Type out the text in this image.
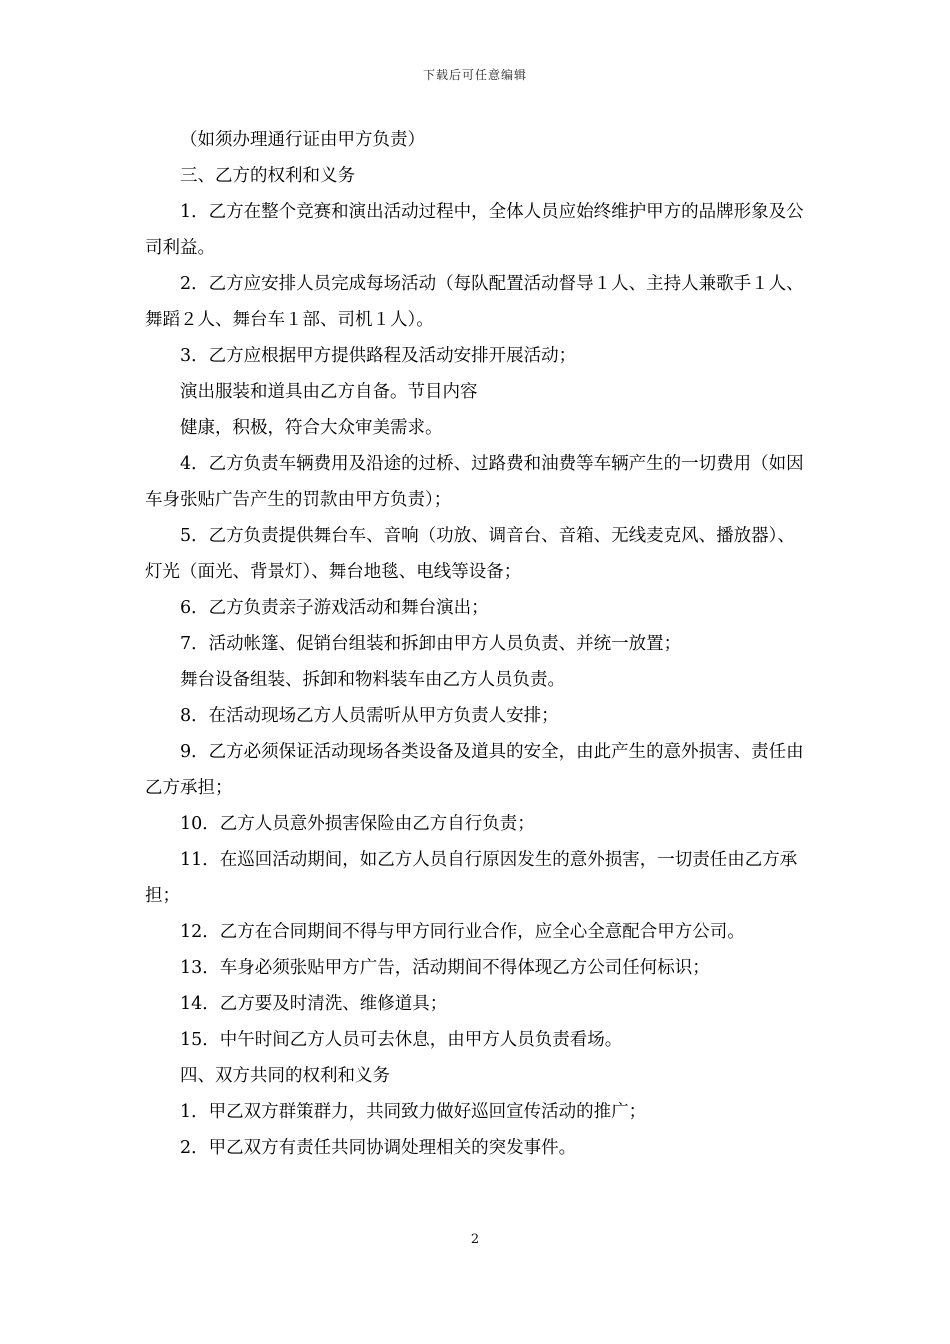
下载后可任意编辑

（如须办理通行证由甲方负责）

三、乙方的权利和义务

1．乙方在整个竞赛和演出活动过程中，全体人员应始终维护甲方的品牌形象及公司利益。

2．乙方应安排人员完成每场活动（每队配置活动督导１人、主持人兼歌手１人、舞蹈２人、舞台车１部、司机１人）。

3．乙方应根据甲方提供路程及活动安排开展活动；

演出服装和道具由乙方自备。节目内容

健康，积极，符合大众审美需求。

4．乙方负责车辆费用及沿途的过桥、过路费和油费等车辆产生的一切费用（如因车身张贴广告产生的罚款由甲方负责）；

5．乙方负责提供舞台车、音响（功放、调音台、音箱、无线麦克风、播放器）、灯光（面光、背景灯）、舞台地毯、电线等设备；

6．乙方负责亲子游戏活动和舞台演出；

7．活动帐篷、促销台组装和拆卸由甲方人员负责、并统一放置；

舞台设备组装、拆卸和物料装车由乙方人员负责。

8．在活动现场乙方人员需听从甲方负责人安排；

9．乙方必须保证活动现场各类设备及道具的安全，由此产生的意外损害、责任由乙方承担；

10．乙方人员意外损害保险由乙方自行负责；

11．在巡回活动期间，如乙方人员自行原因发生的意外损害，一切责任由乙方承担；

12．乙方在合同期间不得与甲方同行业合作，应全心全意配合甲方公司。

13．车身必须张贴甲方广告，活动期间不得体现乙方公司任何标识；

14．乙方要及时清洗、维修道具；

15．中午时间乙方人员可去休息，由甲方人员负责看场。

四、双方共同的权利和义务

1．甲乙双方群策群力，共同致力做好巡回宣传活动的推广；

2．甲乙双方有责任共同协调处理相关的突发事件。

2
